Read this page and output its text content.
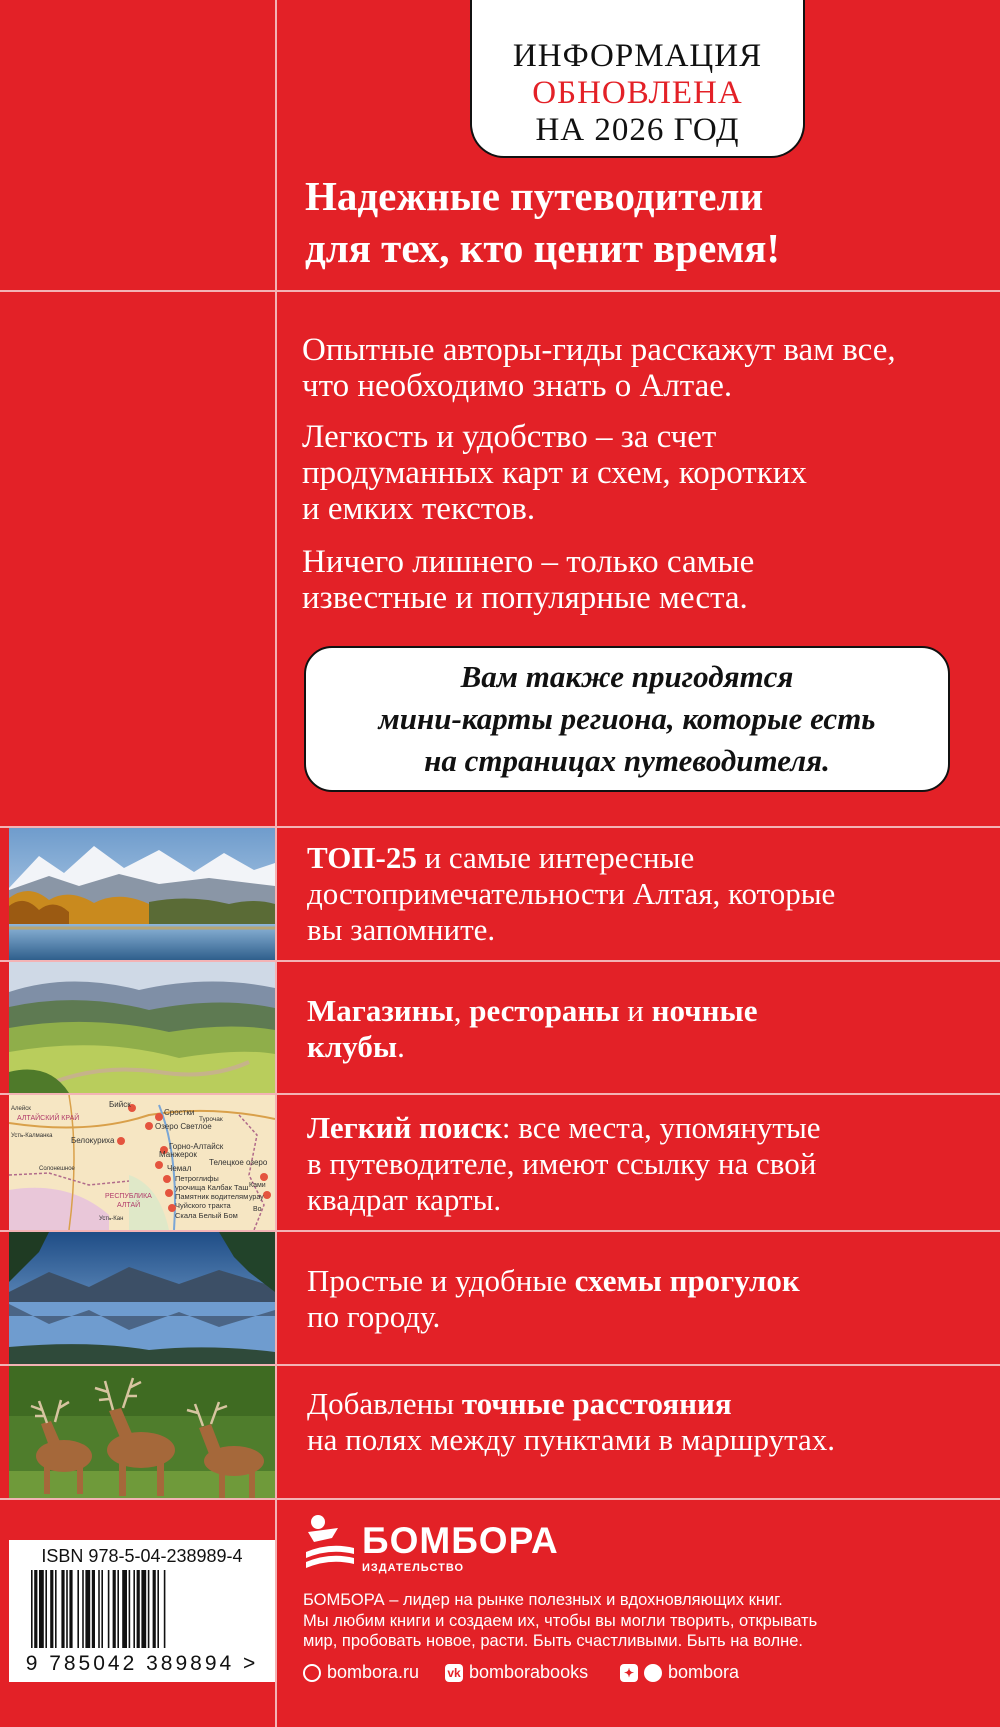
ИНФОРМАЦИЯ
ОБНОВЛЕНА
НА 2026 ГОД
Надежные путеводители
для тех, кто ценит время!
Опытные авторы-гиды расскажут вам все,
что необходимо знать о Алтае.
Легкость и удобство – за счет
продуманных карт и схем, коротких
и емких текстов.
Ничего лишнего – только самые
известные и популярные места.
Вам также пригодятся
мини-карты региона, которые есть
на страницах путеводителя.
Бийск
Сростки
Турочак
Озеро Светлое
АЛТАЙСКИЙ КРАЙ
Алейск
Белокуриха
Усть-Калманка
Горно-Алтайск
Манжерок
Телецкое озеро
Чемал
Петроглифы
урочища Калбак Таш
Памятник водителям
Чуйского тракта
Скала Белый Бом
РЕСПУБЛИКА
АЛТАЙ
Усть-Кан
Солонешное
Ками
урау
Во
ТОП-25 и самые интересные
достопримечательности Алтая, которые
вы запомните.
Магазины, рестораны и ночные
клубы.
Легкий поиск: все места, упомянутые
в путеводителе, имеют ссылку на свой
квадрат карты.
Простые и удобные схемы прогулок
по городу.
Добавлены точные расстояния
на полях между пунктами в маршрутах.
ISBN 978-5-04-238989-4
9 785042 389894 >
БОМБОРА
ИЗДАТЕЛЬСТВО
БОМБОРА – лидер на рынке полезных и вдохновляющих книг.
Мы любим книги и создаем их, чтобы вы могли творить, открывать
мир, пробовать новое, расти. Быть счастливыми. Быть на волне.
bombora.ru vk bomborabooks	✦ bombora
